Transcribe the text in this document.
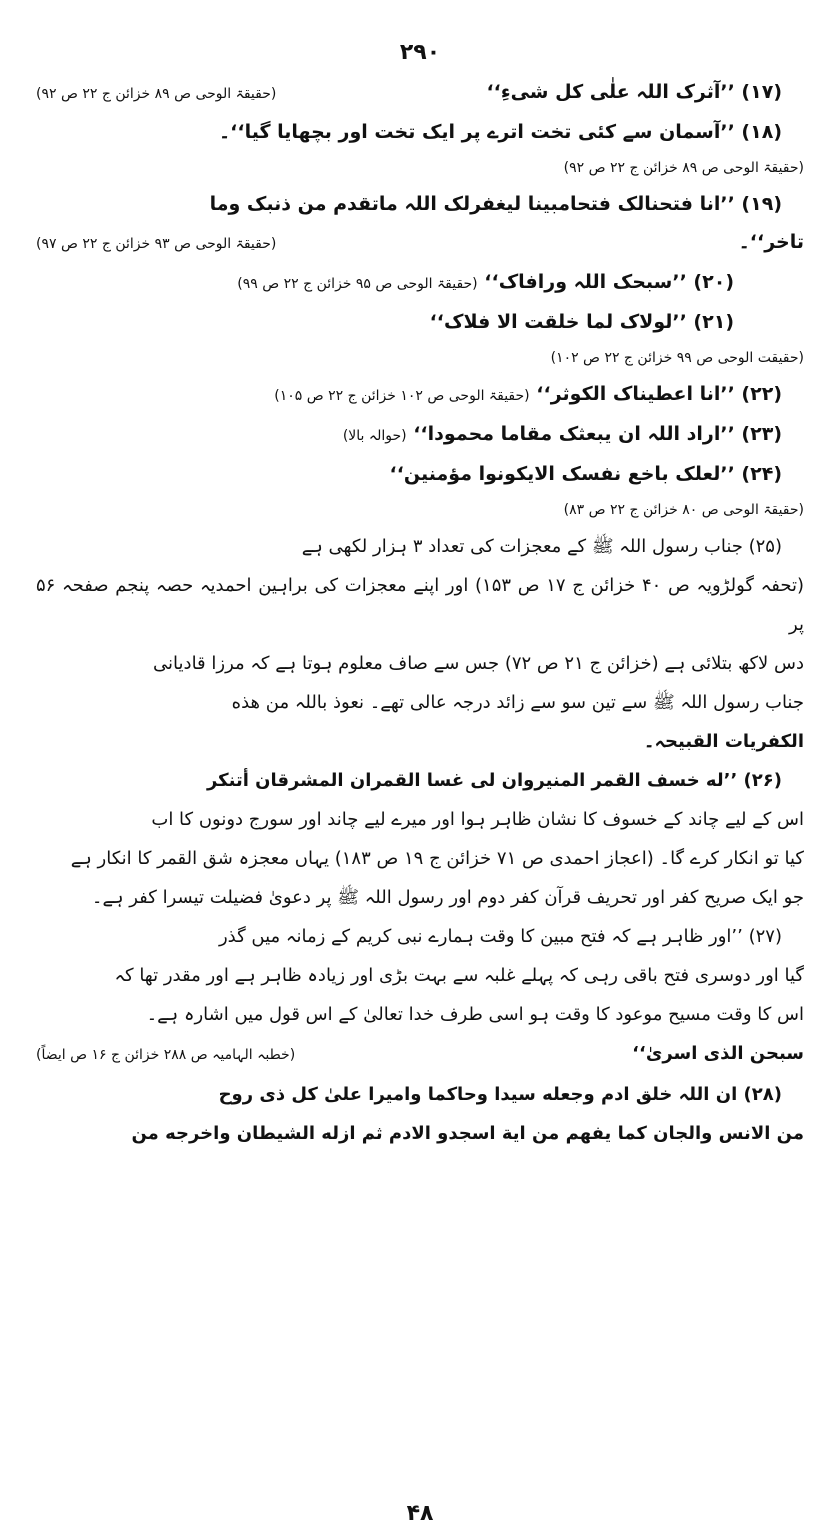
۲۹۰
(۱۷) ’’آثرک اللہ علٰی کل شیءِ‘‘
(حقیقۃ الوحی ص ۸۹ خزائن ج ۲۲ ص ۹۲)
(۱۸) ’’آسمان سے کئی تخت اترے پر ایک تخت اور بچھایا گیا‘‘۔

(حقیقۃ الوحی ص ۸۹ خزائن ج ۲۲ ص ۹۲)

(۱۹) ’’انا فتحنالک فتحامبینا لیغفرلک اللہ ماتقدم من ذنبک وما
تاخر‘‘۔
(حقیقۃ الوحی ص ۹۳ خزائن ج ۲۲ ص ۹۷)
(۲۰) ’’سبحک اللہ ورافاک‘‘ (حقیقۃ الوحی ص ۹۵ خزائن ج ۲۲ ص ۹۹)
(۲۱) ’’لولاک لما خلقت الا فلاک‘‘

(حقیقت الوحی ص ۹۹ خزائن ج ۲۲ ص ۱۰۲)

(۲۲) ’’انا اعطیناک الکوثر‘‘ (حقیقۃ الوحی ص ۱۰۲ خزائن ج ۲۲ ص ۱۰۵)
(۲۳) ’’اراد اللہ ان یبعثک مقاما محمودا‘‘ (حوالہ بالا)
(۲۴) ’’لعلک باخع نفسک الایکونوا مؤمنین‘‘

(حقیقۃ الوحی ص ۸۰ خزائن ج ۲۲ ص ۸۳)

(۲۵) جناب رسول اللہ ﷺ کے معجزات کی تعداد ۳ ہزار لکھی ہے

(تحفہ گولڑویہ ص ۴۰ خزائن ج ۱۷ ص ۱۵۳) اور اپنے معجزات کی براہین احمدیہ حصہ پنجم صفحہ ۵۶ پر

دس لاکھ بتلائی ہے (خزائن ج ۲۱ ص ۷۲) جس سے صاف معلوم ہوتا ہے کہ مرزا قادیانی

جناب رسول اللہ ﷺ سے تین سو سے زائد درجہ عالی تھے۔ نعوذ باللہ من هذه

الکفریات القبیحہ۔

(۲۶) ’’له خسف القمر المنیروان لی غسا القمران المشرقان أتنکر

اس کے لیے چاند کے خسوف کا نشان ظاہر ہوا اور میرے لیے چاند اور سورج دونوں کا اب

کیا تو انکار کرے گا۔ (اعجاز احمدی ص ۷۱ خزائن ج ۱۹ ص ۱۸۳) یہاں معجزہ شق القمر کا انکار ہے

جو ایک صریح کفر اور تحریف قرآن کفر دوم اور رسول اللہ ﷺ پر دعویٰ فضیلت تیسرا کفر ہے۔

(۲۷) ’’اور ظاہر ہے کہ فتح مبین کا وقت ہمارے نبی کریم کے زمانہ میں گذر

گیا اور دوسری فتح باقی رہی کہ پہلے غلبہ سے بہت بڑی اور زیادہ ظاہر ہے اور مقدر تھا کہ

اس کا وقت مسیح موعود کا وقت ہو اسی طرف خدا تعالیٰ کے اس قول میں اشارہ ہے۔

سبحن الذی اسریٰ‘‘
(خطبہ الہامیہ ص ۲۸۸ خزائن ج ۱۶ ص ایضاً)

(۲۸) ان اللہ خلق ادم وجعله سیدا وحاکما وامیرا علیٰ کل ذی روح

من الانس والجان کما یفهم من ایة اسجدو الادم ثم ازله الشیطان واخرجه من

۴۸
